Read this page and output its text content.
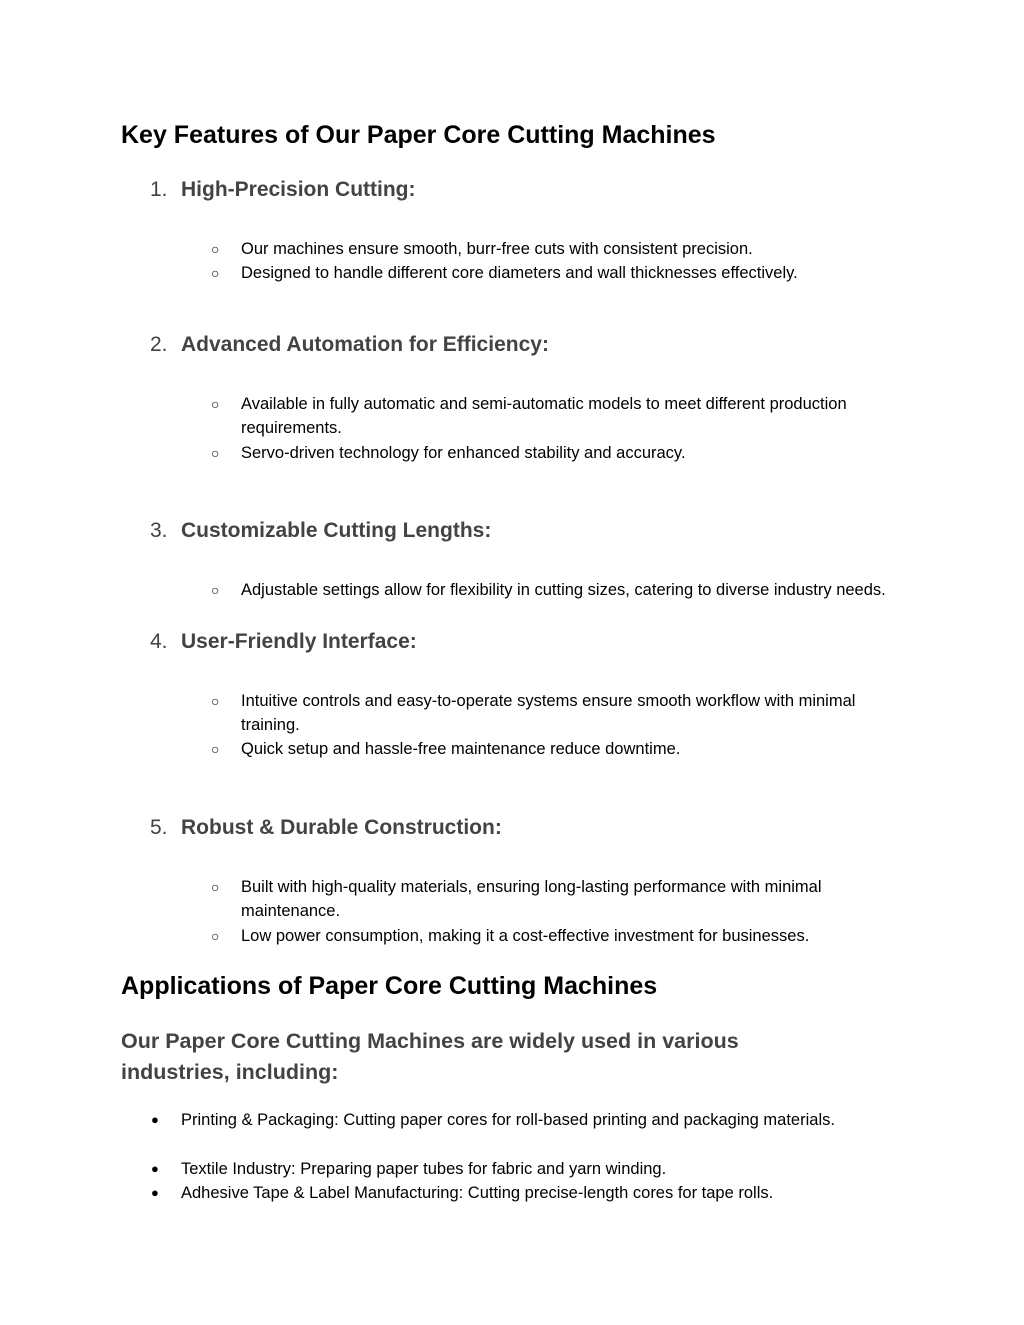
Key Features of Our Paper Core Cutting Machines
1. High-Precision Cutting:
○ Our machines ensure smooth, burr-free cuts with consistent precision.
○ Designed to handle different core diameters and wall thicknesses effectively.
2. Advanced Automation for Efficiency:
○ Available in fully automatic and semi-automatic models to meet different production requirements.
○ Servo-driven technology for enhanced stability and accuracy.
3. Customizable Cutting Lengths:
○ Adjustable settings allow for flexibility in cutting sizes, catering to diverse industry needs.
4. User-Friendly Interface:
○ Intuitive controls and easy-to-operate systems ensure smooth workflow with minimal training.
○ Quick setup and hassle-free maintenance reduce downtime.
5. Robust & Durable Construction:
○ Built with high-quality materials, ensuring long-lasting performance with minimal maintenance.
○ Low power consumption, making it a cost-effective investment for businesses.
Applications of Paper Core Cutting Machines
Our Paper Core Cutting Machines are widely used in various industries, including:
● Printing & Packaging: Cutting paper cores for roll-based printing and packaging materials.
● Textile Industry: Preparing paper tubes for fabric and yarn winding.
● Adhesive Tape & Label Manufacturing: Cutting precise-length cores for tape rolls.
